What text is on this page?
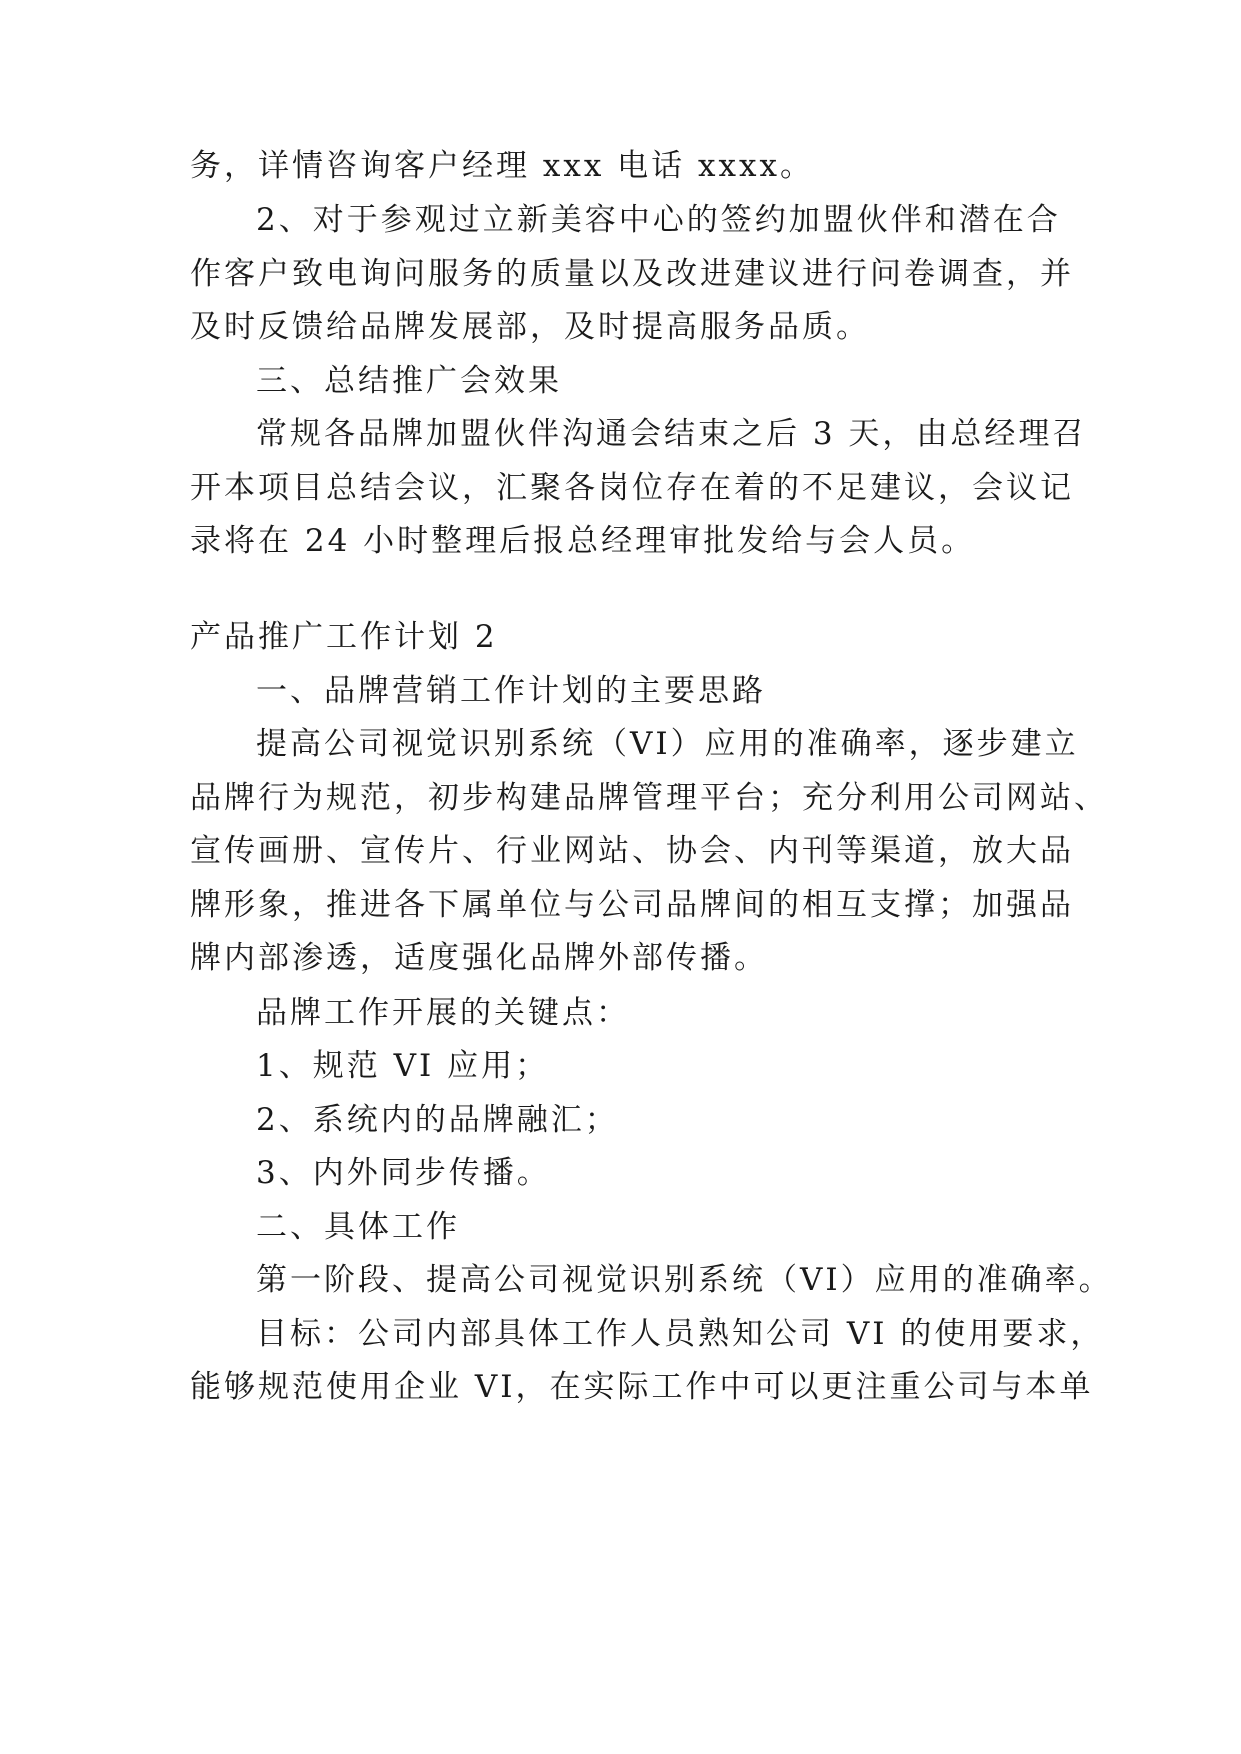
务，详情咨询客户经理 xxx 电话 xxxx。
2、对于参观过立新美容中心的签约加盟伙伴和潜在合
作客户致电询问服务的质量以及改进建议进行问卷调查，并
及时反馈给品牌发展部，及时提高服务品质。
三、总结推广会效果
常规各品牌加盟伙伴沟通会结束之后 3 天，由总经理召
开本项目总结会议，汇聚各岗位存在着的不足建议，会议记
录将在 24 小时整理后报总经理审批发给与会人员。
产品推广工作计划 2
一、品牌营销工作计划的主要思路
提高公司视觉识别系统（VI）应用的准确率，逐步建立
品牌行为规范，初步构建品牌管理平台；充分利用公司网站、
宣传画册、宣传片、行业网站、协会、内刊等渠道，放大品
牌形象，推进各下属单位与公司品牌间的相互支撑；加强品
牌内部渗透，适度强化品牌外部传播。
品牌工作开展的关键点：
1、规范 VI 应用；
2、系统内的品牌融汇；
3、内外同步传播。
二、具体工作
第一阶段、提高公司视觉识别系统（VI）应用的准确率。
目标：公司内部具体工作人员熟知公司 VI 的使用要求，
能够规范使用企业 VI，在实际工作中可以更注重公司与本单
